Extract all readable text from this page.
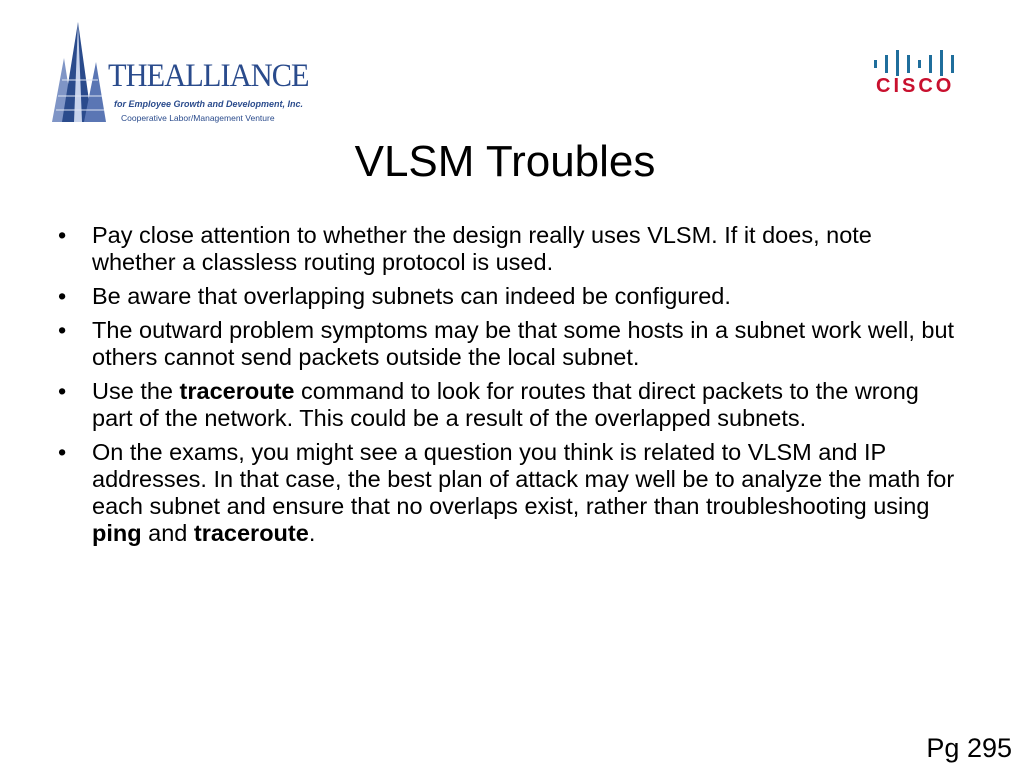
THEALLIANCE

for Employee Growth and Development, Inc.
Cooperative Labor/Management Venture

CISCO

VLSM Troubles
• Pay close attention to whether the design really uses VLSM. If it does, note whether a classless routing protocol is used.
• Be aware that overlapping subnets can indeed be configured.
• The outward problem symptoms may be that some hosts in a subnet work well, but others cannot send packets outside the local subnet.
• Use the traceroute command to look for routes that direct packets to the wrong part of the network. This could be a result of the overlapped subnets.
• On the exams, you might see a question you think is related to VLSM and IP addresses. In that case, the best plan of attack may well be to analyze the math for each subnet and ensure that no overlaps exist, rather than troubleshooting using ping and traceroute.
Pg 295
